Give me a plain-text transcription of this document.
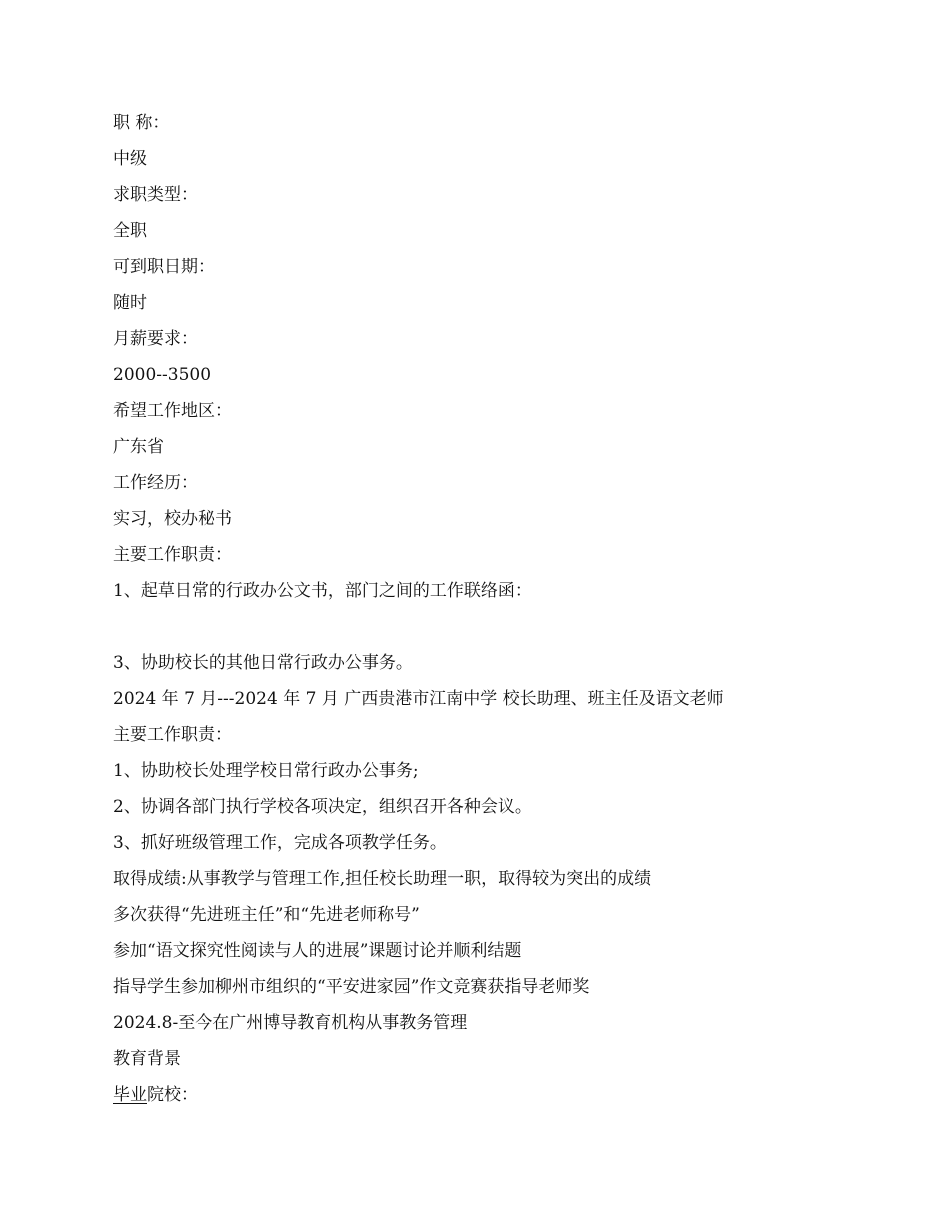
职 称：
中级
求职类型：
全职
可到职日期：
随时
月薪要求：
2000--3500
希望工作地区：
广东省
工作经历：
实习，校办秘书
主要工作职责：
1、起草日常的行政办公文书，部门之间的工作联络函：
3、协助校长的其他日常行政办公事务。
2024 年 7 月---2024 年 7 月 广西贵港市江南中学 校长助理、班主任及语文老师
主要工作职责：
1、协助校长处理学校日常行政办公事务;
2、协调各部门执行学校各项决定，组织召开各种会议。
3、抓好班级管理工作，完成各项教学任务。
取得成绩:从事教学与管理工作,担任校长助理一职，取得较为突出的成绩
多次获得“先进班主任”和“先进老师称号”
参加“语文探究性阅读与人的进展”课题讨论并顺利结题
指导学生参加柳州市组织的“平安进家园”作文竞赛获指导老师奖
2024.8-至今在广州博导教育机构从事教务管理
教育背景
毕业院校：
